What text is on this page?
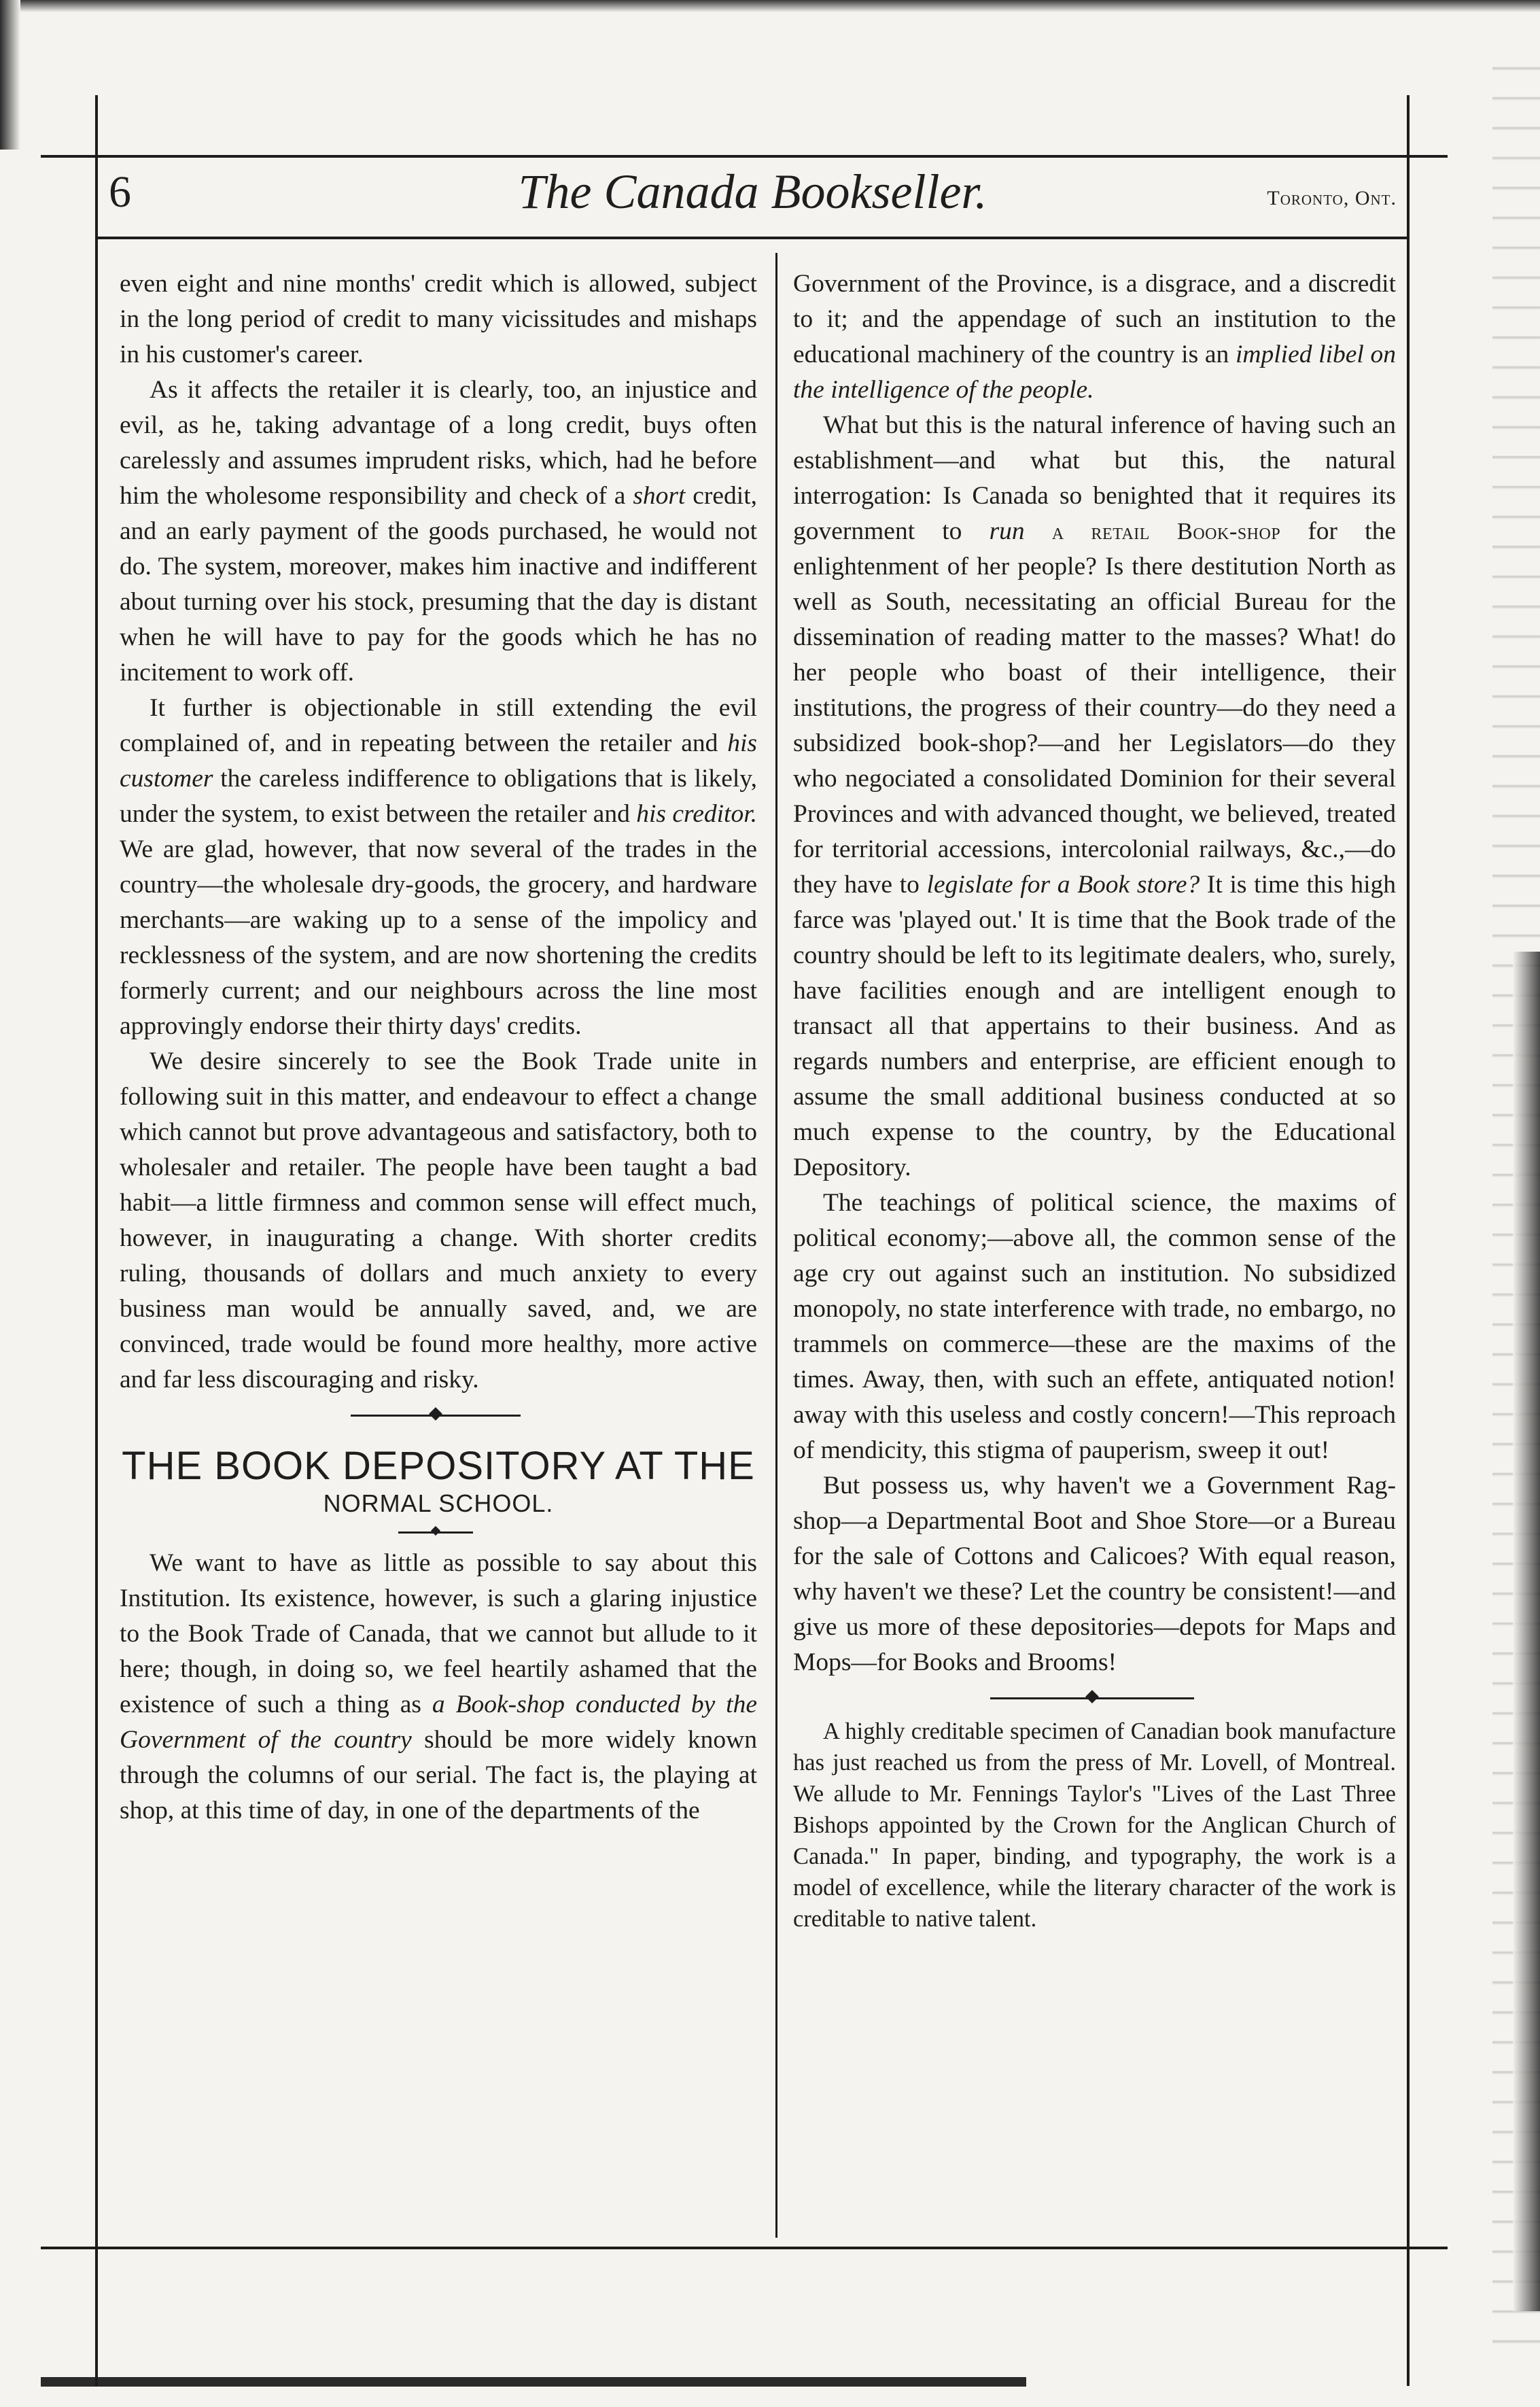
6	The Canada Bookseller.	Toronto, Ont.

even eight and nine months' credit which is allowed, subject in the long period of credit to many vicissitudes and mishaps in his customer's career.

As it affects the retailer it is clearly, too, an injustice and evil, as he, taking advantage of a long credit, buys often carelessly and assumes imprudent risks, which, had he before him the wholesome responsibility and check of a short credit, and an early payment of the goods purchased, he would not do. The system, moreover, makes him inactive and indifferent about turning over his stock, presuming that the day is distant when he will have to pay for the goods which he has no incitement to work off.

It further is objectionable in still extending the evil complained of, and in repeating between the retailer and his customer the careless indifference to obligations that is likely, under the system, to exist between the retailer and his creditor. We are glad, however, that now several of the trades in the country—the wholesale dry-goods, the grocery, and hardware merchants—are waking up to a sense of the impolicy and recklessness of the system, and are now shortening the credits formerly current; and our neighbours across the line most approvingly endorse their thirty days' credits.

We desire sincerely to see the Book Trade unite in following suit in this matter, and endeavour to effect a change which cannot but prove advantageous and satisfactory, both to wholesaler and retailer. The people have been taught a bad habit—a little firmness and common sense will effect much, however, in inaugurating a change. With shorter credits ruling, thousands of dollars and much anxiety to every business man would be annually saved, and, we are convinced, trade would be found more healthy, more active and far less discouraging and risky.

THE BOOK DEPOSITORY AT THE
NORMAL SCHOOL.

We want to have as little as possible to say about this Institution. Its existence, however, is such a glaring injustice to the Book Trade of Canada, that we cannot but allude to it here; though, in doing so, we feel heartily ashamed that the existence of such a thing as a Book-shop conducted by the Government of the country should be more widely known through the columns of our serial. The fact is, the playing at shop, at this time of day, in one of the departments of the

Government of the Province, is a disgrace, and a discredit to it; and the appendage of such an institution to the educational machinery of the country is an implied libel on the intelligence of the people.

What but this is the natural inference of having such an establishment—and what but this, the natural interrogation: Is Canada so benighted that it requires its government to run a retail Book-shop for the enlightenment of her people? Is there destitution North as well as South, necessitating an official Bureau for the dissemination of reading matter to the masses? What! do her people who boast of their intelligence, their institutions, the progress of their country—do they need a subsidized book-shop?—and her Legislators—do they who negociated a consolidated Dominion for their several Provinces and with advanced thought, we believed, treated for territorial accessions, intercolonial railways, &c.,—do they have to legislate for a Book store? It is time this high farce was 'played out.' It is time that the Book trade of the country should be left to its legitimate dealers, who, surely, have facilities enough and are intelligent enough to transact all that appertains to their business. And as regards numbers and enterprise, are efficient enough to assume the small additional business conducted at so much expense to the country, by the Educational Depository.

The teachings of political science, the maxims of political economy;—above all, the common sense of the age cry out against such an institution. No subsidized monopoly, no state interference with trade, no embargo, no trammels on commerce—these are the maxims of the times. Away, then, with such an effete, antiquated notion! away with this useless and costly concern!—This reproach of mendicity, this stigma of pauperism, sweep it out!

But possess us, why haven't we a Government Rag-shop—a Departmental Boot and Shoe Store—or a Bureau for the sale of Cottons and Calicoes? With equal reason, why haven't we these? Let the country be consistent!—and give us more of these depositories—depots for Maps and Mops—for Books and Brooms!

A highly creditable specimen of Canadian book manufacture has just reached us from the press of Mr. Lovell, of Montreal. We allude to Mr. Fennings Taylor's "Lives of the Last Three Bishops appointed by the Crown for the Anglican Church of Canada." In paper, binding, and typography, the work is a model of excellence, while the literary character of the work is creditable to native talent.
